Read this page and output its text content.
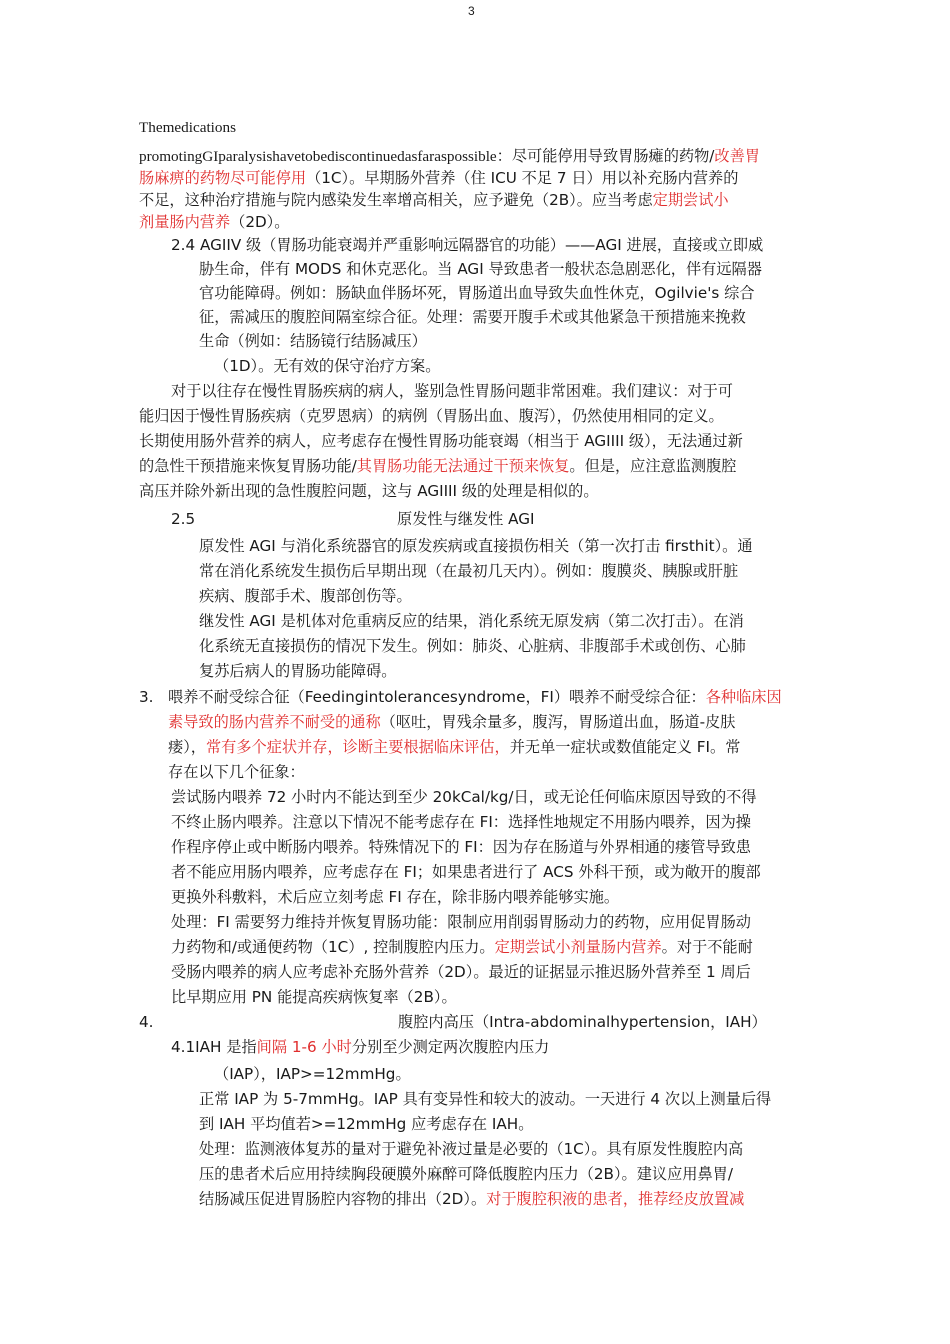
3
Themedications
promotingGIparalysishavetobediscontinuedasfaraspossible：尽可能停用导致胃肠瘫的药物/改善胃
肠麻痹的药物尽可能停用（1C）。早期肠外营养（住 ICU 不足 7 日）用以补充肠内营养的
不足，这种治疗措施与院内感染发生率增高相关，应予避免（2B）。应当考虑定期尝试小
剂量肠内营养（2D）。
2.4 AGIIV 级（胃肠功能衰竭并严重影响远隔器官的功能）——AGI 进展，直接或立即威
胁生命，伴有 MODS 和休克恶化。当 AGI 导致患者一般状态急剧恶化，伴有远隔器
官功能障碍。例如：肠缺血伴肠坏死，胃肠道出血导致失血性休克，Ogilvie's 综合
征，需减压的腹腔间隔室综合征。处理：需要开腹手术或其他紧急干预措施来挽救
生命（例如：结肠镜行结肠减压）
（1D）。无有效的保守治疗方案。
对于以往存在慢性胃肠疾病的病人，鉴别急性胃肠问题非常困难。我们建议：对于可
能归因于慢性胃肠疾病（克罗恩病）的病例（胃肠出血、腹泻），仍然使用相同的定义。
长期使用肠外营养的病人，应考虑存在慢性胃肠功能衰竭（相当于 AGIIII 级），无法通过新
的急性干预措施来恢复胃肠功能/其胃肠功能无法通过干预来恢复。但是，应注意监测腹腔
高压并除外新出现的急性腹腔问题，这与 AGIIII 级的处理是相似的。
2.5	原发性与继发性 AGI
原发性 AGI 与消化系统器官的原发疾病或直接损伤相关（第一次打击 firsthit）。通
常在消化系统发生损伤后早期出现（在最初几天内）。例如：腹膜炎、胰腺或肝脏
疾病、腹部手术、腹部创伤等。
继发性 AGI 是机体对危重病反应的结果，消化系统无原发病（第二次打击）。在消
化系统无直接损伤的情况下发生。例如：肺炎、心脏病、非腹部手术或创伤、心肺
复苏后病人的胃肠功能障碍。
3. 喂养不耐受综合征（Feedingintolerancesyndrome，FI）喂养不耐受综合征：各种临床因
素导致的肠内营养不耐受的通称（呕吐，胃残余量多，腹泻，胃肠道出血，肠道-皮肤
瘘），常有多个症状并存，诊断主要根据临床评估，并无单一症状或数值能定义 FI。常
存在以下几个征象：
尝试肠内喂养 72 小时内不能达到至少 20kCal/kg/日，或无论任何临床原因导致的不得
不终止肠内喂养。注意以下情况不能考虑存在 FI：选择性地规定不用肠内喂养，因为操
作程序停止或中断肠内喂养。特殊情况下的 FI：因为存在肠道与外界相通的瘘管导致患
者不能应用肠内喂养，应考虑存在 FI；如果患者进行了 ACS 外科干预，或为敞开的腹部
更换外科敷料，术后应立刻考虑 FI 存在，除非肠内喂养能够实施。
处理：FI 需要努力维持并恢复胃肠功能：限制应用削弱胃肠动力的药物，应用促胃肠动
力药物和/或通便药物（1C）, 控制腹腔内压力。定期尝试小剂量肠内营养。对于不能耐
受肠内喂养的病人应考虑补充肠外营养（2D）。最近的证据显示推迟肠外营养至 1 周后
比早期应用 PN 能提高疾病恢复率（2B）。
4.	腹腔内高压（Intra-abdominalhypertension，IAH）
4.1IAH 是指间隔 1-6 小时分别至少测定两次腹腔内压力
（IAP），IAP>=12mmHg。
正常 IAP 为 5-7mmHg。IAP 具有变异性和较大的波动。一天进行 4 次以上测量后得
到 IAH 平均值若>=12mmHg 应考虑存在 IAH。
处理：监测液体复苏的量对于避免补液过量是必要的（1C）。具有原发性腹腔内高
压的患者术后应用持续胸段硬膜外麻醉可降低腹腔内压力（2B）。建议应用鼻胃/
结肠减压促进胃肠腔内容物的排出（2D）。对于腹腔积液的患者，推荐经皮放置减
